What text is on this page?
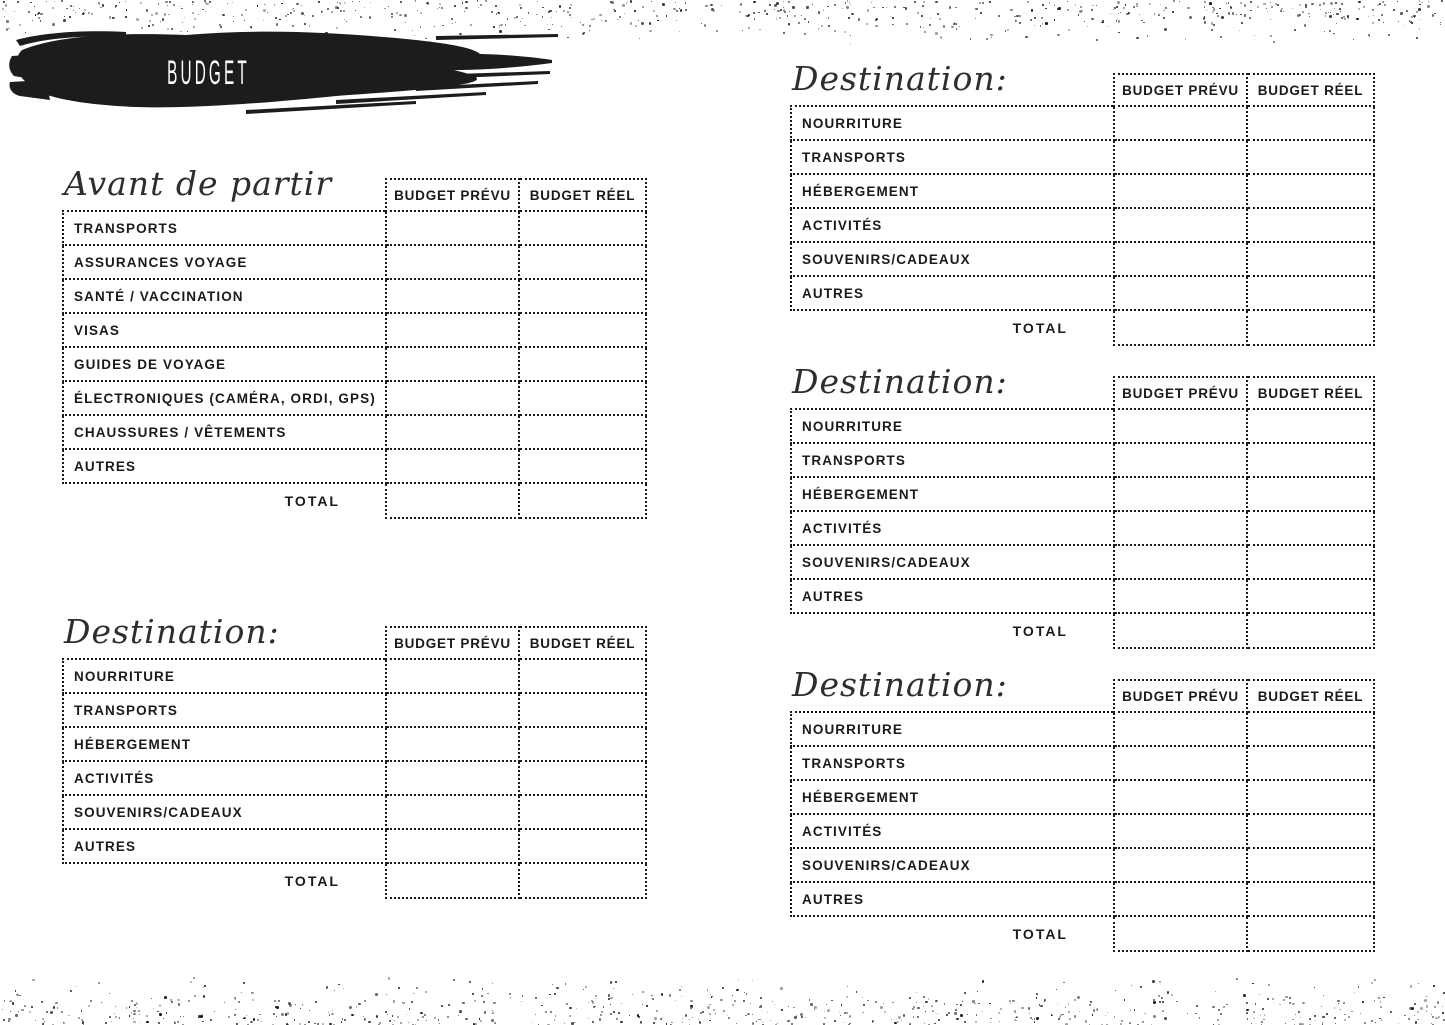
BUDGET
Avant de partir
		BUDGET PRÉVU	BUDGET RÉEL
TRANSPORTS		
ASSURANCES VOYAGE		
SANTÉ / VACCINATION		
VISAS		
GUIDES DE VOYAGE		
ÉLECTRONIQUES (CAMÉRA, ORDI, GPS)		
CHAUSSURES / VÊTEMENTS		
AUTRES		
TOTAL		
Destination:
		BUDGET PRÉVU	BUDGET RÉEL
NOURRITURE		
TRANSPORTS		
HÉBERGEMENT		
ACTIVITÉS		
SOUVENIRS/CADEAUX		
AUTRES		
TOTAL		
Destination:
		BUDGET PRÉVU	BUDGET RÉEL
NOURRITURE		
TRANSPORTS		
HÉBERGEMENT		
ACTIVITÉS		
SOUVENIRS/CADEAUX		
AUTRES		
TOTAL		
Destination:
		BUDGET PRÉVU	BUDGET RÉEL
NOURRITURE		
TRANSPORTS		
HÉBERGEMENT		
ACTIVITÉS		
SOUVENIRS/CADEAUX		
AUTRES		
TOTAL		
Destination:
		BUDGET PRÉVU	BUDGET RÉEL
NOURRITURE		
TRANSPORTS		
HÉBERGEMENT		
ACTIVITÉS		
SOUVENIRS/CADEAUX		
AUTRES		
TOTAL		
